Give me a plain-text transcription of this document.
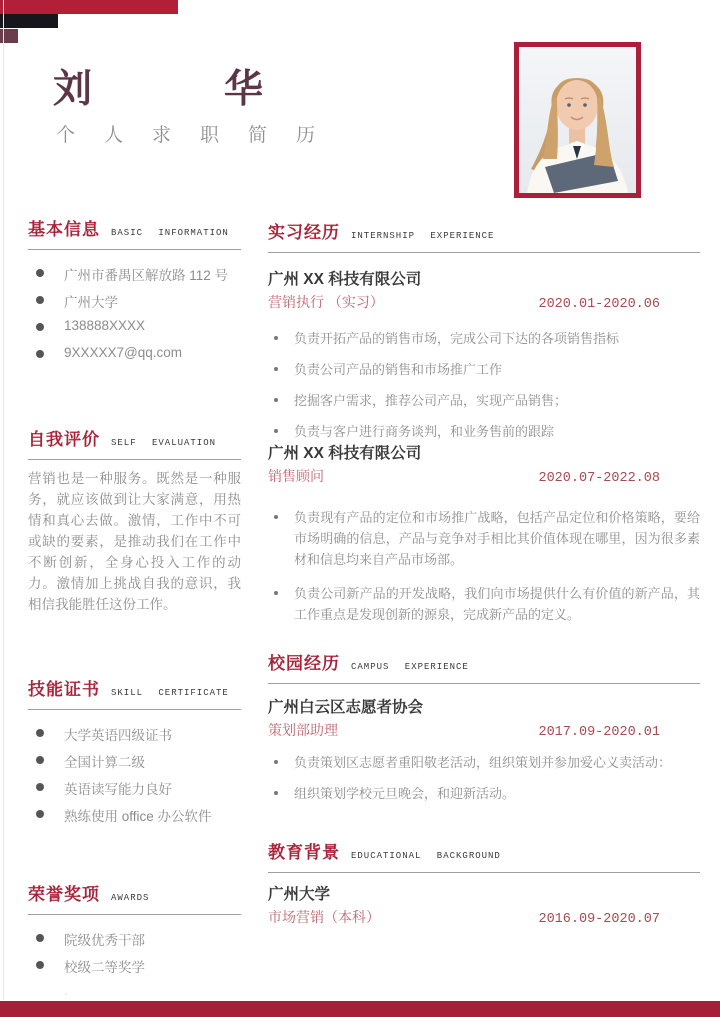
刘	华
个人求职简历
基本信息 BASIC INFORMATION
广州市番禺区解放路 112 号
广州大学
138888XXXX
9XXXXX7@qq.com
自我评价 SELF EVALUATION
营销也是一种服务。既然是一种服务，就应该做到让大家满意，用热情和真心去做。激情，工作中不可或缺的要素，是推动我们在工作中不断创新，全身心投入工作的动力。激情加上挑战自我的意识，我相信我能胜任这份工作。
技能证书 SKILL CERTIFICATE
大学英语四级证书
全国计算二级
英语读写能力良好
熟练使用 office 办公软件
荣誉奖项 AWARDS
院级优秀干部
校级二等奖学
.
实习经历 INTERNSHIP EXPERIENCE
广州 XX 科技有限公司
营销执行 （实习）	2020.01-2020.06
负责开拓产品的销售市场，完成公司下达的各项销售指标
负责公司产品的销售和市场推广工作
挖掘客户需求，推荐公司产品，实现产品销售；
负责与客户进行商务谈判，和业务售前的跟踪
广州 XX 科技有限公司
销售顾问	2020.07-2022.08
负责现有产品的定位和市场推广战略，包括产品定位和价格策略，要给市场明确的信息，产品与竞争对手相比其价值体现在哪里，因为很多素材和信息均来自产品市场部。
负责公司新产品的开发战略，我们向市场提供什么有价值的新产品，其工作重点是发现创新的源泉，完成新产品的定义。
校园经历 CAMPUS EXPERIENCE
广州白云区志愿者协会
策划部助理	2017.09-2020.01
负责策划区志愿者重阳敬老活动，组织策划并参加爱心义卖活动：
组织策划学校元旦晚会，和迎新活动。
教育背景 EDUCATIONAL BACKGROUND
广州大学
市场营销（本科）	2016.09-2020.07
